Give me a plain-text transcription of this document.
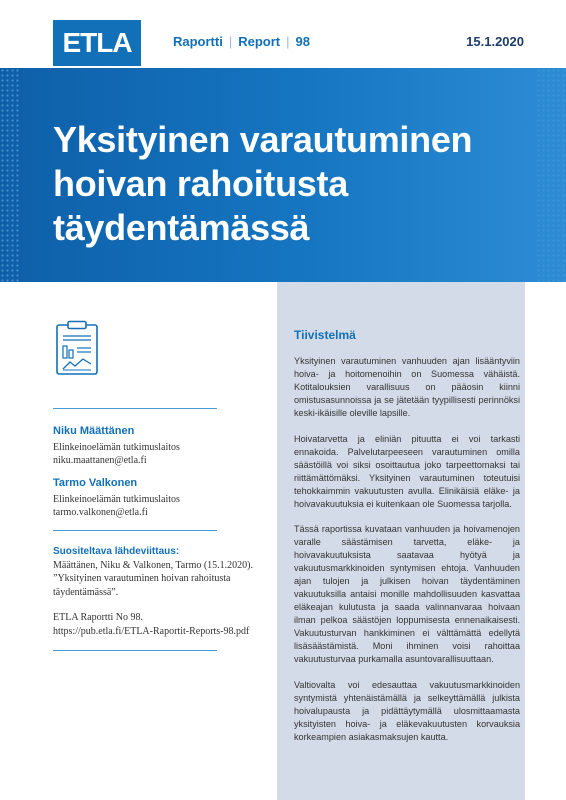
ETLA	Raportti | Report | 98	15.1.2020
Yksityinen varautuminen hoivan rahoitusta täydentämässä
Niku Määttänen
Elinkeinoelämän tutkimuslaitos
niku.maattanen@etla.fi
Tarmo Valkonen
Elinkeinoelämän tutkimuslaitos
tarmo.valkonen@etla.fi

Suositeltava lähdeviittaus:
Määttänen, Niku & Valkonen, Tarmo (15.1.2020). ”Yksityinen varautuminen hoivan rahoitusta täydentämässä”.

ETLA Raportti No 98.
https://pub.etla.fi/ETLA-Raportit-Reports-98.pdf

Tiivistelmä

Yksityinen varautuminen vanhuuden ajan lisääntyviin hoiva- ja hoitomenoihin on Suomessa vähäistä. Kotitalouksien varallisuus on pääosin kiinni omistusasunnoissa ja se jätetään tyypillisesti perinnöksi keski-ikäisille oleville lapsille.

Hoivatarvetta ja eliniän pituutta ei voi tarkasti ennakoida. Palvelutarpeeseen varautuminen omilla säästöillä voi siksi osoittautua joko tarpeettomaksi tai riittämättömäksi. Yksityinen varautuminen toteutuisi tehokkaimmin vakuutusten avulla. Elinikäisiä eläke- ja hoivavakuutuksia ei kuitenkaan ole Suomessa tarjolla.

Tässä raportissa kuvataan vanhuuden ja hoivamenojen varalle säästämisen tarvetta, eläke- ja hoivavakuutuksista saatavaa hyötyä ja vakuutusmarkkinoiden syntymisen ehtoja. Vanhuuden ajan tulojen ja julkisen hoivan täydentäminen vakuutuksilla antaisi monille mahdollisuuden kasvattaa eläkeajan kulutusta ja saada valinnanvaraa hoivaan ilman pelkoa säästöjen loppumisesta ennenaikaisesti. Vakuutusturvan hankkiminen ei välttämättä edellytä lisäsäästämistä. Moni ihminen voisi rahoittaa vakuutusturvaa purkamalla asuntovarallisuuttaan.

Valtiovalta voi edesauttaa vakuutusmarkkinoiden syntymistä yhtenäistämällä ja selkeyttämällä julkista hoivalupausta ja pidättäytymällä ulosmittaamasta yksityisten hoiva- ja eläkevakuutusten korvauksia korkeampien asiakasmaksujen kautta.
